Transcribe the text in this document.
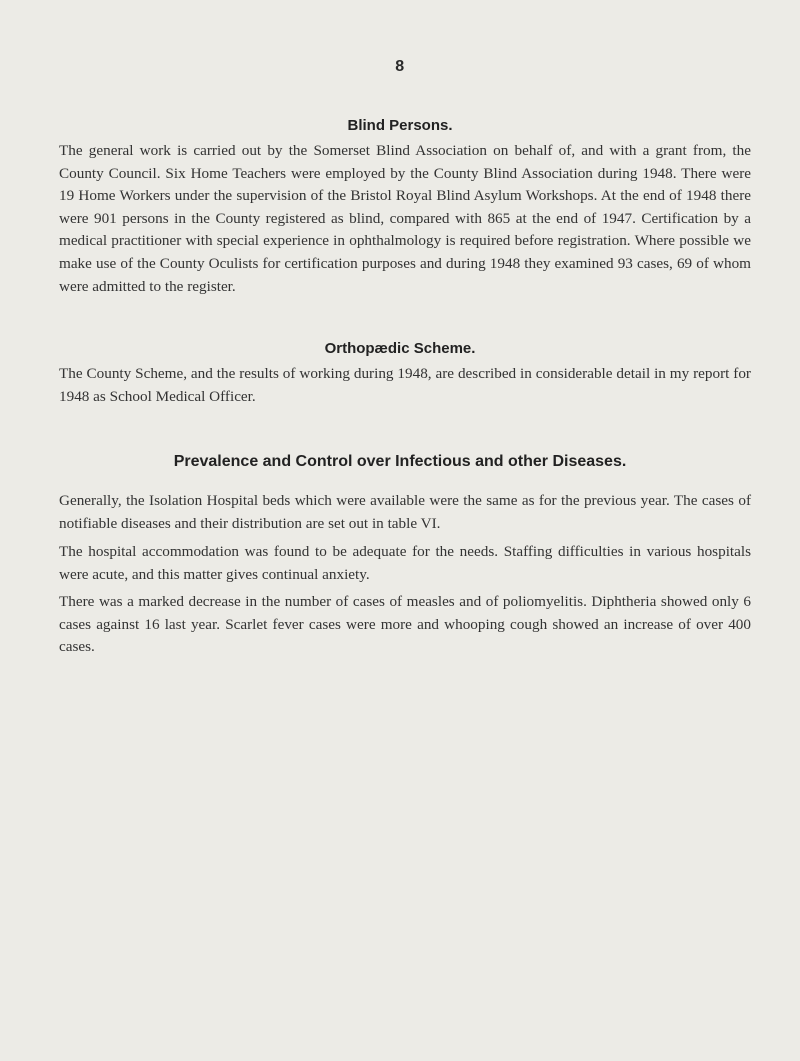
8
Blind Persons.

The general work is carried out by the Somerset Blind Association on behalf of, and with a grant from, the County Council. Six Home Teachers were employed by the County Blind Association during 1948. There were 19 Home Workers under the supervision of the Bristol Royal Blind Asylum Workshops. At the end of 1948 there were 901 persons in the County registered as blind, compared with 865 at the end of 1947. Certification by a medical practitioner with special experience in ophthalmology is required before registration. Where possible we make use of the County Oculists for certification purposes and during 1948 they examined 93 cases, 69 of whom were admitted to the register.

Orthopædic Scheme.

The County Scheme, and the results of working during 1948, are described in considerable detail in my report for 1948 as School Medical Officer.

Prevalence and Control over Infectious and other Diseases.

Generally, the Isolation Hospital beds which were available were the same as for the previous year. The cases of notifiable diseases and their distribution are set out in table VI.

The hospital accommodation was found to be adequate for the needs. Staffing difficulties in various hospitals were acute, and this matter gives continual anxiety.

There was a marked decrease in the number of cases of measles and of poliomyelitis. Diphtheria showed only 6 cases against 16 last year. Scarlet fever cases were more and whooping cough showed an increase of over 400 cases.
